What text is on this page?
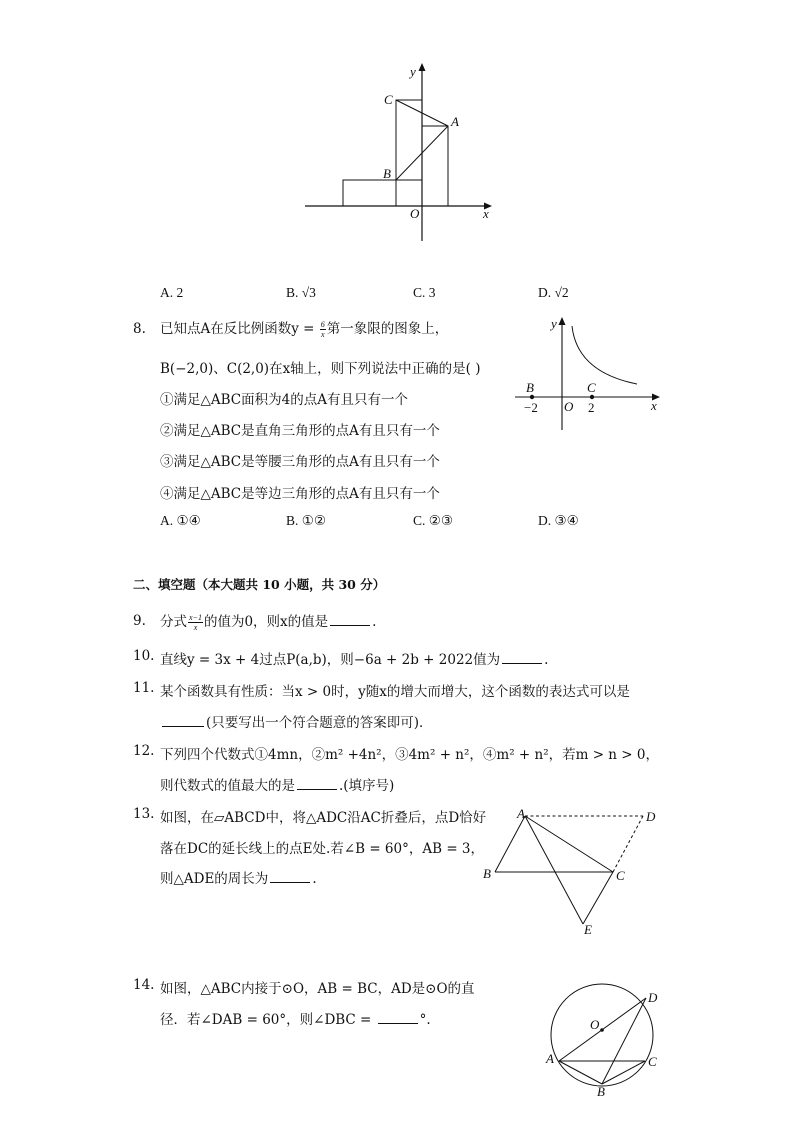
y
x
O
A
B
C
A. 2	B. √3	C. 3	D. √2
8. 已知点A在反比例函数$y = \frac{6}{x}$ 第一象限的图象上，
B(−2,0)、C(2,0)在x轴上，则下列说法中正确的是( )
①满足△ABC面积为4的点A有且只有一个
②满足△ABC是直角三角形的点A有且只有一个
③满足△ABC是等腰三角形的点A有且只有一个
④满足△ABC是等边三角形的点A有且只有一个
A. ①④	B. ①②	C. ②③	D. ③④
y
x
B	C
O
−2	2
二、填空题（本大题共 10 小题，共 30 分）
9. 分式 $\frac{x-1}{x}$ 的值为0，则x的值是	.
10. 直线y = 3x + 4过点P(a,b)，则−6a + 2b + 2022值为	.
11. 某个函数具有性质：当x > 0时，y随x的增大而增大，这个函数的表达式可以是
(只要写出一个符合题意的答案即可)．
12. 下列四个代数式①4mn，②m² +4n²，③4m² + n²，④m² + n²，若m > n > 0，
则代数式的值最大的是	.(填序号)
13. 如图，在▱ABCD中，将△ADC沿AC折叠后，点D恰好
落在DC的延长线上的点E处.若∠B = 60°，AB = 3，
则△ADE的周长为	.
A	D
B	C
E
14. 如图，△ABC内接于⊙O，AB = BC，AD是⊙O的直
径．若∠DAB = 60°，则∠DBC =	°.	O
D
A	C
B
